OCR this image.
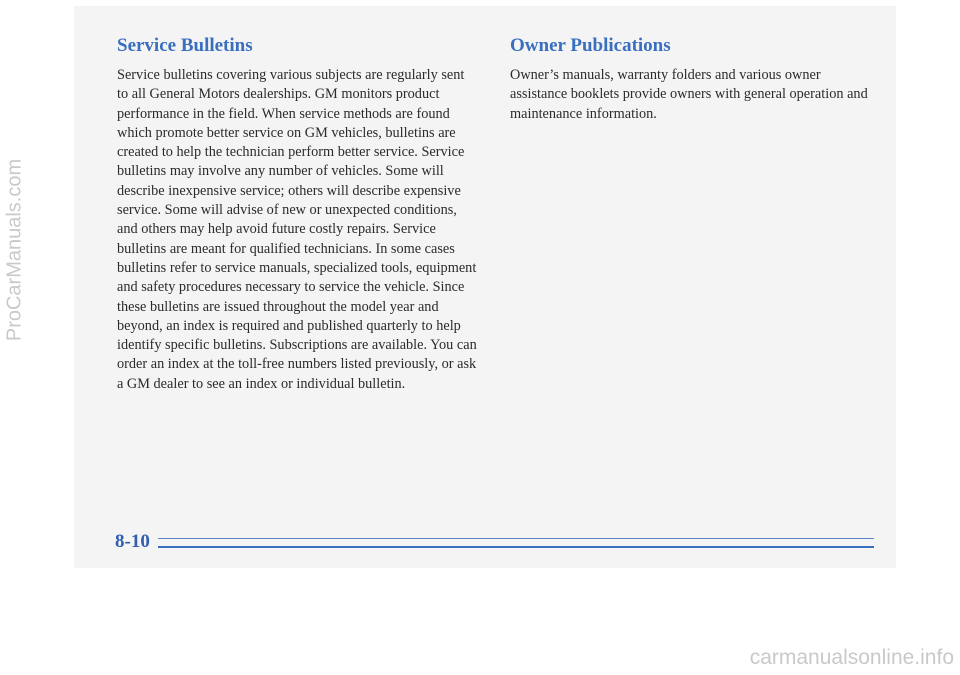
Service Bulletins

Service bulletins covering various subjects are regularly sent to all General Motors dealerships. GM monitors product performance in the field. When service methods are found which promote better service on GM vehicles, bulletins are created to help the technician perform better service. Service bulletins may involve any number of vehicles. Some will describe inexpensive service; others will describe expensive service. Some will advise of new or unexpected conditions, and others may help avoid future costly repairs. Service bulletins are meant for qualified technicians. In some cases bulletins refer to service manuals, specialized tools, equipment and safety procedures necessary to service the vehicle. Since these bulletins are issued throughout the model year and beyond, an index is required and published quarterly to help identify specific bulletins. Subscriptions are available. You can order an index at the toll-free numbers listed previously, or ask a GM dealer to see an index or individual bulletin.

Owner Publications

Owner’s manuals, warranty folders and various owner assistance booklets provide owners with general operation and maintenance information.

8-10
ProCarManuals.com
carmanualsonline.info
